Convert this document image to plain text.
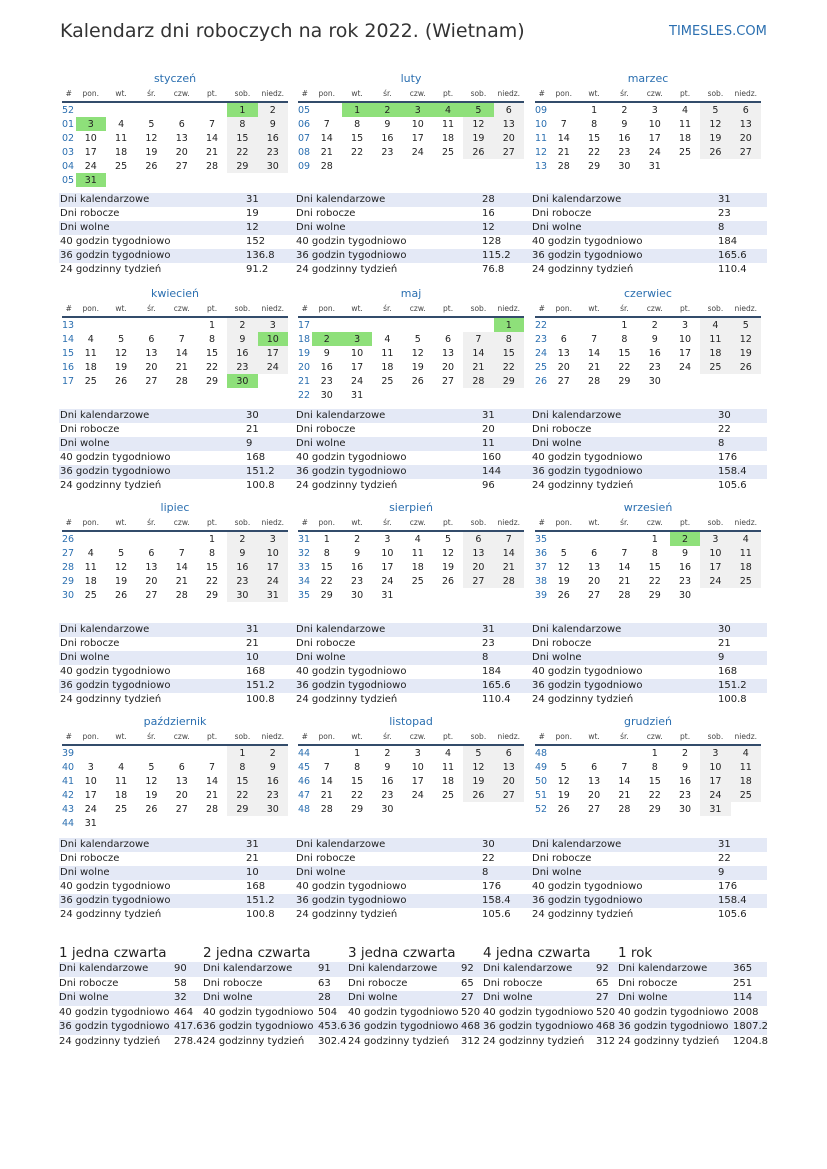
Kalendarz dni roboczych na rok 2022. (Wietnam)	TIMESLES.COM
styczeń
#	pon.	wt.	śr.	czw.	pt.	sob.	niedz.
52						1	2
01	3	4	5	6	7	8	9
02	10	11	12	13	14	15	16
03	17	18	19	20	21	22	23
04	24	25	26	27	28	29	30
05	31						
Dni kalendarzowe	31
Dni robocze	19
Dni wolne	12
40 godzin tygodniowo	152
36 godzin tygodniowo	136.8
24 godzinny tydzień	91.2
luty
#	pon.	wt.	śr.	czw.	pt.	sob.	niedz.
05		1	2	3	4	5	6
06	7	8	9	10	11	12	13
07	14	15	16	17	18	19	20
08	21	22	23	24	25	26	27
09	28						
Dni kalendarzowe	28
Dni robocze	16
Dni wolne	12
40 godzin tygodniowo	128
36 godzin tygodniowo	115.2
24 godzinny tydzień	76.8
marzec
#	pon.	wt.	śr.	czw.	pt.	sob.	niedz.
09		1	2	3	4	5	6
10	7	8	9	10	11	12	13
11	14	15	16	17	18	19	20
12	21	22	23	24	25	26	27
13	28	29	30	31			
Dni kalendarzowe	31
Dni robocze	23
Dni wolne	8
40 godzin tygodniowo	184
36 godzin tygodniowo	165.6
24 godzinny tydzień	110.4
kwiecień
#	pon.	wt.	śr.	czw.	pt.	sob.	niedz.
13					1	2	3
14	4	5	6	7	8	9	10
15	11	12	13	14	15	16	17
16	18	19	20	21	22	23	24
17	25	26	27	28	29	30	
Dni kalendarzowe	30
Dni robocze	21
Dni wolne	9
40 godzin tygodniowo	168
36 godzin tygodniowo	151.2
24 godzinny tydzień	100.8
maj
#	pon.	wt.	śr.	czw.	pt.	sob.	niedz.
17							1
18	2	3	4	5	6	7	8
19	9	10	11	12	13	14	15
20	16	17	18	19	20	21	22
21	23	24	25	26	27	28	29
22	30	31					
Dni kalendarzowe	31
Dni robocze	20
Dni wolne	11
40 godzin tygodniowo	160
36 godzin tygodniowo	144
24 godzinny tydzień	96
czerwiec
#	pon.	wt.	śr.	czw.	pt.	sob.	niedz.
22			1	2	3	4	5
23	6	7	8	9	10	11	12
24	13	14	15	16	17	18	19
25	20	21	22	23	24	25	26
26	27	28	29	30			
Dni kalendarzowe	30
Dni robocze	22
Dni wolne	8
40 godzin tygodniowo	176
36 godzin tygodniowo	158.4
24 godzinny tydzień	105.6
lipiec
#	pon.	wt.	śr.	czw.	pt.	sob.	niedz.
26					1	2	3
27	4	5	6	7	8	9	10
28	11	12	13	14	15	16	17
29	18	19	20	21	22	23	24
30	25	26	27	28	29	30	31
Dni kalendarzowe	31
Dni robocze	21
Dni wolne	10
40 godzin tygodniowo	168
36 godzin tygodniowo	151.2
24 godzinny tydzień	100.8
sierpień
#	pon.	wt.	śr.	czw.	pt.	sob.	niedz.
31	1	2	3	4	5	6	7
32	8	9	10	11	12	13	14
33	15	16	17	18	19	20	21
34	22	23	24	25	26	27	28
35	29	30	31				
Dni kalendarzowe	31
Dni robocze	23
Dni wolne	8
40 godzin tygodniowo	184
36 godzin tygodniowo	165.6
24 godzinny tydzień	110.4
wrzesień
#	pon.	wt.	śr.	czw.	pt.	sob.	niedz.
35				1	2	3	4
36	5	6	7	8	9	10	11
37	12	13	14	15	16	17	18
38	19	20	21	22	23	24	25
39	26	27	28	29	30		
Dni kalendarzowe	30
Dni robocze	21
Dni wolne	9
40 godzin tygodniowo	168
36 godzin tygodniowo	151.2
24 godzinny tydzień	100.8
październik
#	pon.	wt.	śr.	czw.	pt.	sob.	niedz.
39						1	2
40	3	4	5	6	7	8	9
41	10	11	12	13	14	15	16
42	17	18	19	20	21	22	23
43	24	25	26	27	28	29	30
44	31						
Dni kalendarzowe	31
Dni robocze	21
Dni wolne	10
40 godzin tygodniowo	168
36 godzin tygodniowo	151.2
24 godzinny tydzień	100.8
listopad
#	pon.	wt.	śr.	czw.	pt.	sob.	niedz.
44		1	2	3	4	5	6
45	7	8	9	10	11	12	13
46	14	15	16	17	18	19	20
47	21	22	23	24	25	26	27
48	28	29	30				
Dni kalendarzowe	30
Dni robocze	22
Dni wolne	8
40 godzin tygodniowo	176
36 godzin tygodniowo	158.4
24 godzinny tydzień	105.6
grudzień
#	pon.	wt.	śr.	czw.	pt.	sob.	niedz.
48				1	2	3	4
49	5	6	7	8	9	10	11
50	12	13	14	15	16	17	18
51	19	20	21	22	23	24	25
52	26	27	28	29	30	31	
Dni kalendarzowe	31
Dni robocze	22
Dni wolne	9
40 godzin tygodniowo	176
36 godzin tygodniowo	158.4
24 godzinny tydzień	105.6
1 jedna czwarta
Dni kalendarzowe	90
Dni robocze	58
Dni wolne	32
40 godzin tygodniowo 464
36 godzin tygodniowo 417.6
24 godzinny tydzień 278.4
2 jedna czwarta
Dni kalendarzowe	91
Dni robocze	63
Dni wolne	28
40 godzin tygodniowo 504
36 godzin tygodniowo 453.6
24 godzinny tydzień 302.4
3 jedna czwarta
Dni kalendarzowe 92
Dni robocze	65
Dni wolne	27
40 godzin tygodniowo 520
36 godzin tygodniowo 468
24 godzinny tydzień 312
4 jedna czwarta
Dni kalendarzowe 92
Dni robocze	65
Dni wolne	27
40 godzin tygodniowo 520
36 godzin tygodniowo 468
24 godzinny tydzień 312
1 rok
Dni kalendarzowe	365
Dni robocze	251
Dni wolne	114
40 godzin tygodniowo 2008
36 godzin tygodniowo 1807.2
24 godzinny tydzień 1204.8
